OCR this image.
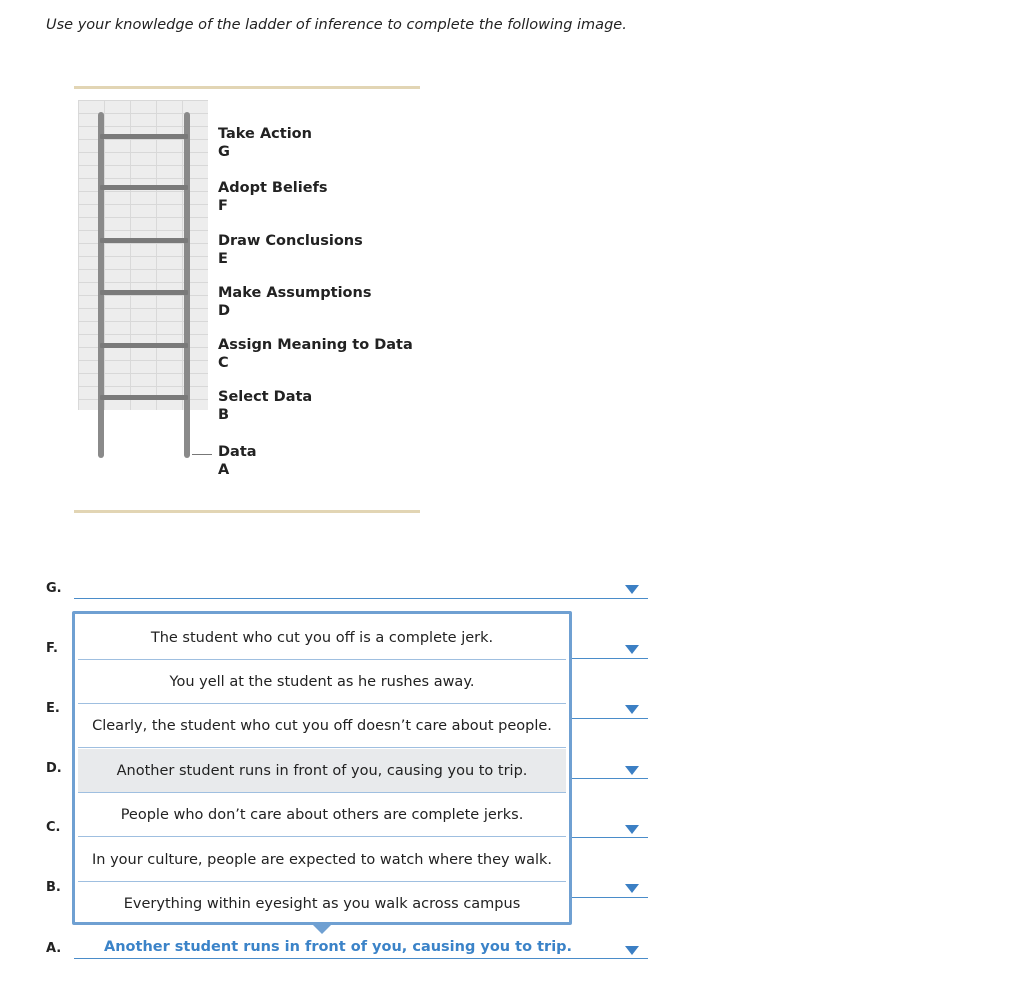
Use your knowledge of the ladder of inference to complete the following image.
Take Action
G
Adopt Beliefs
F
Draw Conclusions
E
Make Assumptions
D
Assign Meaning to Data
C
Select Data
B
Data
A
G.
F.
E.
D.
C.
B.
A.	Another student runs in front of you, causing you to trip.
The student who cut you off is a complete jerk.
You yell at the student as he rushes away.
Clearly, the student who cut you off doesn’t care about people.
Another student runs in front of you, causing you to trip.
People who don’t care about others are complete jerks.
In your culture, people are expected to watch where they walk.
Everything within eyesight as you walk across campus
